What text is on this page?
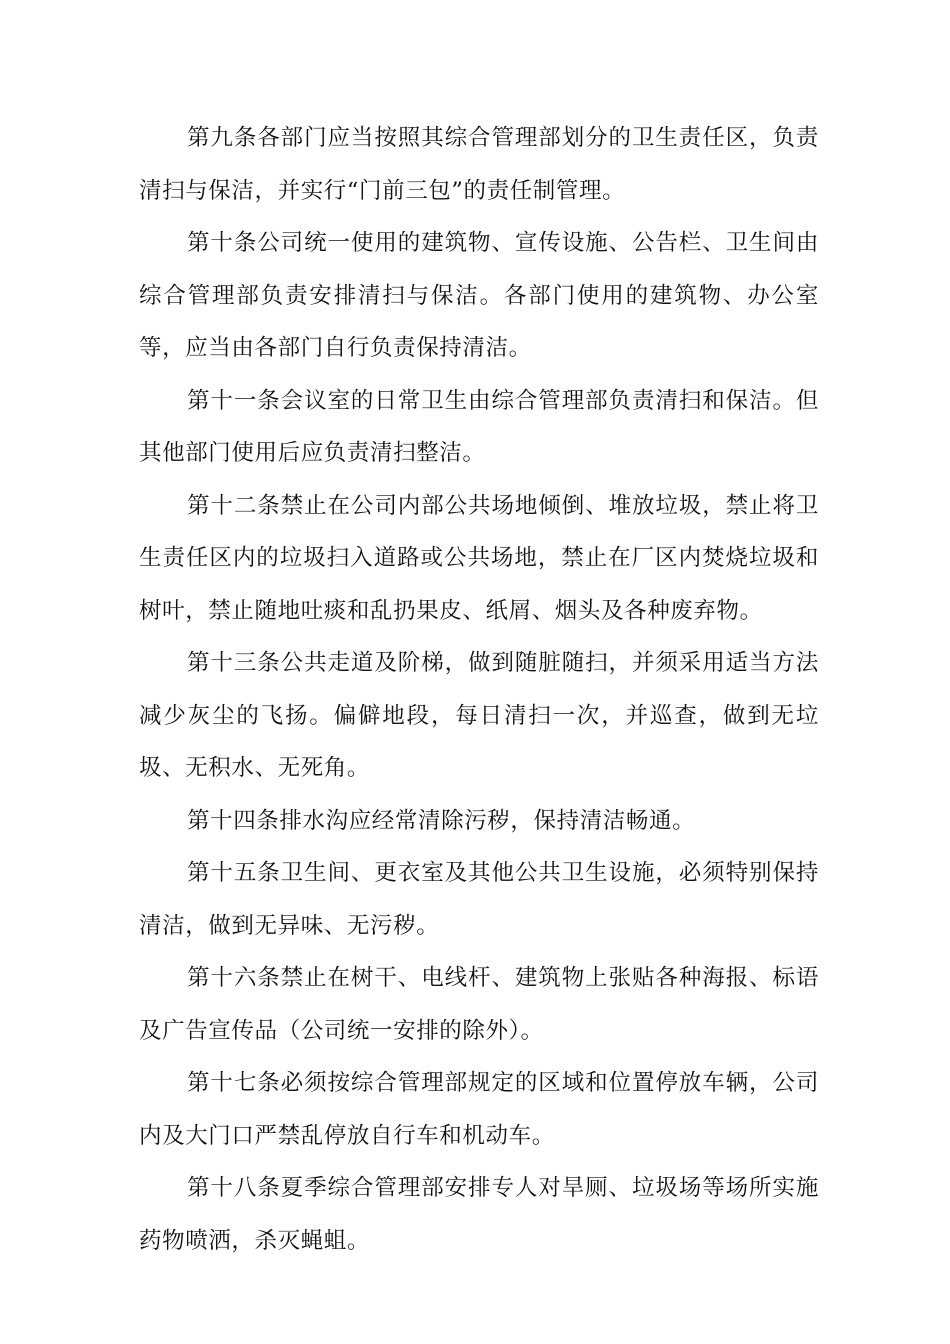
第九条各部门应当按照其综合管理部划分的卫生责任区，负责清扫与保洁，并实行“门前三包”的责任制管理。

第十条公司统一使用的建筑物、宣传设施、公告栏、卫生间由综合管理部负责安排清扫与保洁。各部门使用的建筑物、办公室等，应当由各部门自行负责保持清洁。

第十一条会议室的日常卫生由综合管理部负责清扫和保洁。但其他部门使用后应负责清扫整洁。

第十二条禁止在公司内部公共场地倾倒、堆放垃圾，禁止将卫生责任区内的垃圾扫入道路或公共场地，禁止在厂区内焚烧垃圾和树叶，禁止随地吐痰和乱扔果皮、纸屑、烟头及各种废弃物。

第十三条公共走道及阶梯，做到随脏随扫，并须采用适当方法减少灰尘的飞扬。偏僻地段，每日清扫一次，并巡查，做到无垃圾、无积水、无死角。

第十四条排水沟应经常清除污秽，保持清洁畅通。

第十五条卫生间、更衣室及其他公共卫生设施，必须特别保持清洁，做到无异味、无污秽。

第十六条禁止在树干、电线杆、建筑物上张贴各种海报、标语及广告宣传品（公司统一安排的除外）。

第十七条必须按综合管理部规定的区域和位置停放车辆，公司内及大门口严禁乱停放自行车和机动车。

第十八条夏季综合管理部安排专人对旱厕、垃圾场等场所实施药物喷洒，杀灭蝇蛆。
